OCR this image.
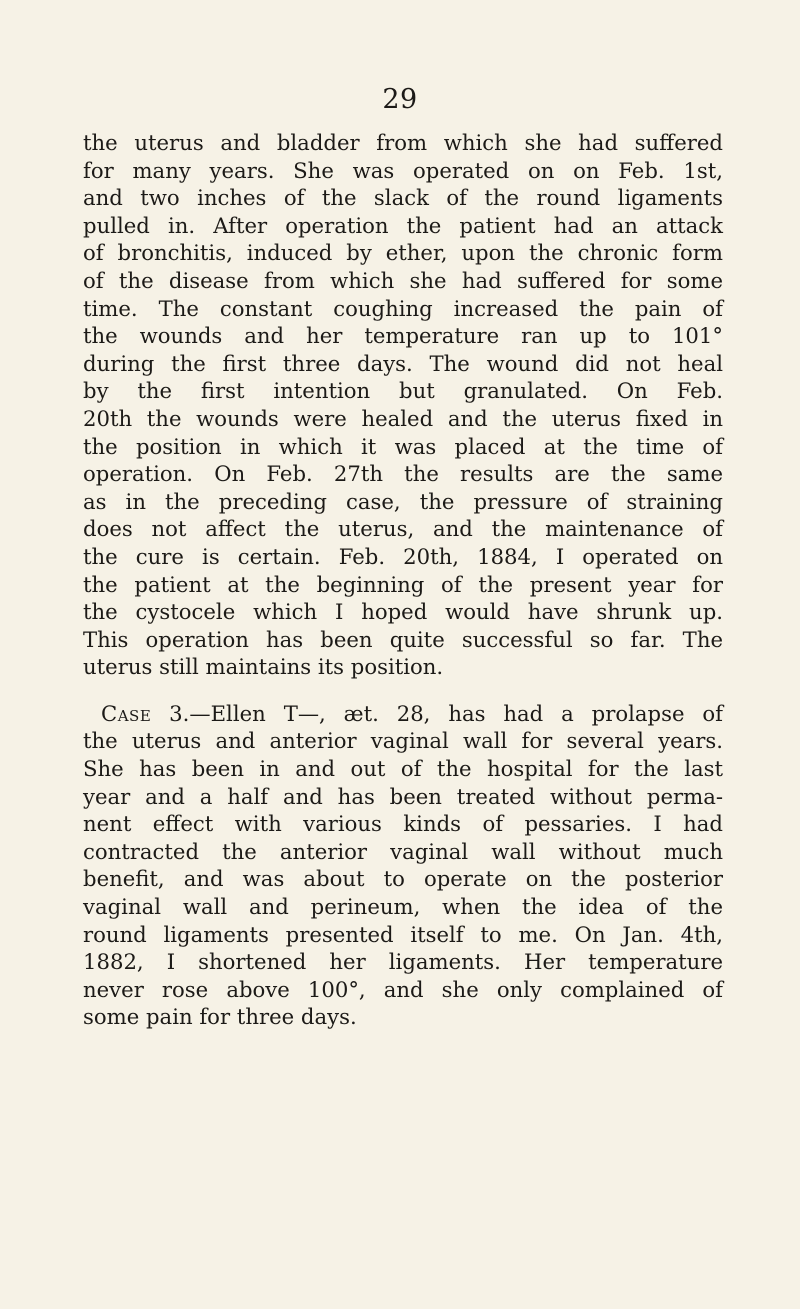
29
the uterus and bladder from which she had suffered
for many years. She was operated on on Feb. 1st,
and two inches of the slack of the round ligaments
pulled in. After operation the patient had an attack
of bronchitis, induced by ether, upon the chronic form
of the disease from which she had suffered for some
time. The constant coughing increased the pain of
the wounds and her temperature ran up to 101°
during the first three days. The wound did not heal
by the first intention but granulated. On Feb.
20th the wounds were healed and the uterus fixed in
the position in which it was placed at the time of
operation. On Feb. 27th the results are the same
as in the preceding case, the pressure of straining
does not affect the uterus, and the maintenance of
the cure is certain. Feb. 20th, 1884, I operated on
the patient at the beginning of the present year for
the cystocele which I hoped would have shrunk up.
This operation has been quite successful so far. The
uterus still maintains its position.
Case 3.—Ellen T—, æt. 28, has had a prolapse of
the uterus and anterior vaginal wall for several years.
She has been in and out of the hospital for the last
year and a half and has been treated without perma-
nent effect with various kinds of pessaries. I had
contracted the anterior vaginal wall without much
benefit, and was about to operate on the posterior
vaginal wall and perineum, when the idea of the
round ligaments presented itself to me. On Jan. 4th,
1882, I shortened her ligaments. Her temperature
never rose above 100°, and she only complained of
some pain for three days.
